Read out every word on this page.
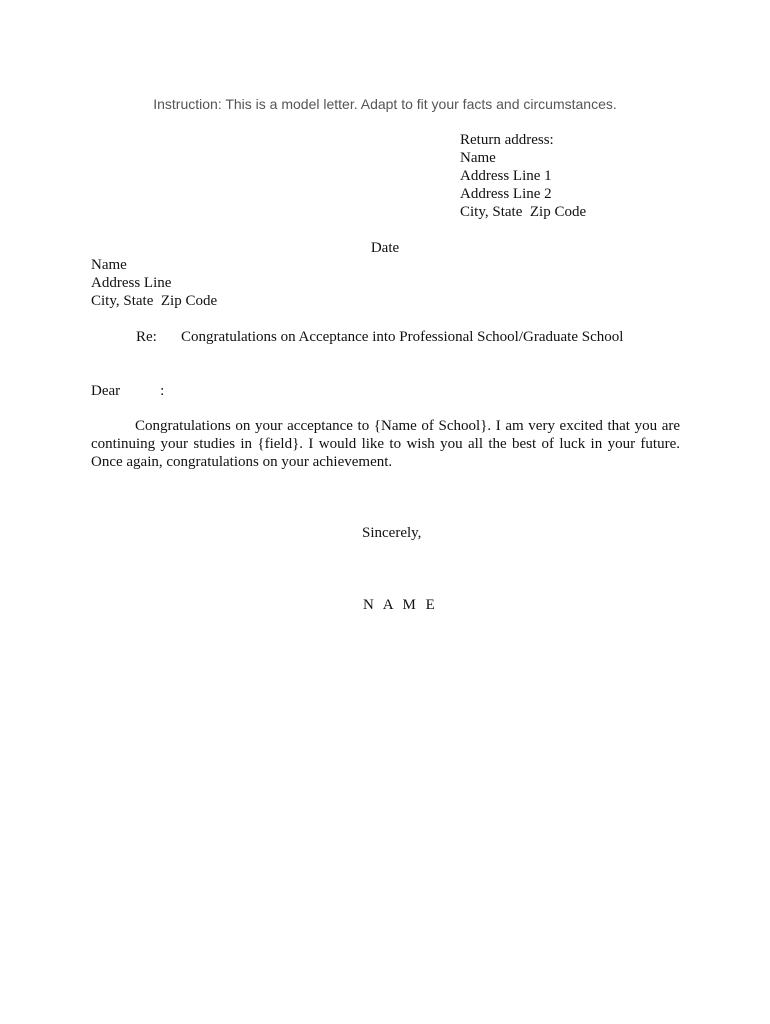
Instruction: This is a model letter. Adapt to fit your facts and circumstances.
Return address:
Name
Address Line 1
Address Line 2
City, State  Zip Code
Date
Name
Address Line
City, State  Zip Code
Re: Congratulations on Acceptance into Professional School/Graduate School
Dear	:
Congratulations on your acceptance to {Name of School}. I am very excited that you are continuing your studies in {field}. I would like to wish you all the best of luck in your future. Once again, congratulations on your achievement.
Sincerely,
N A M E
